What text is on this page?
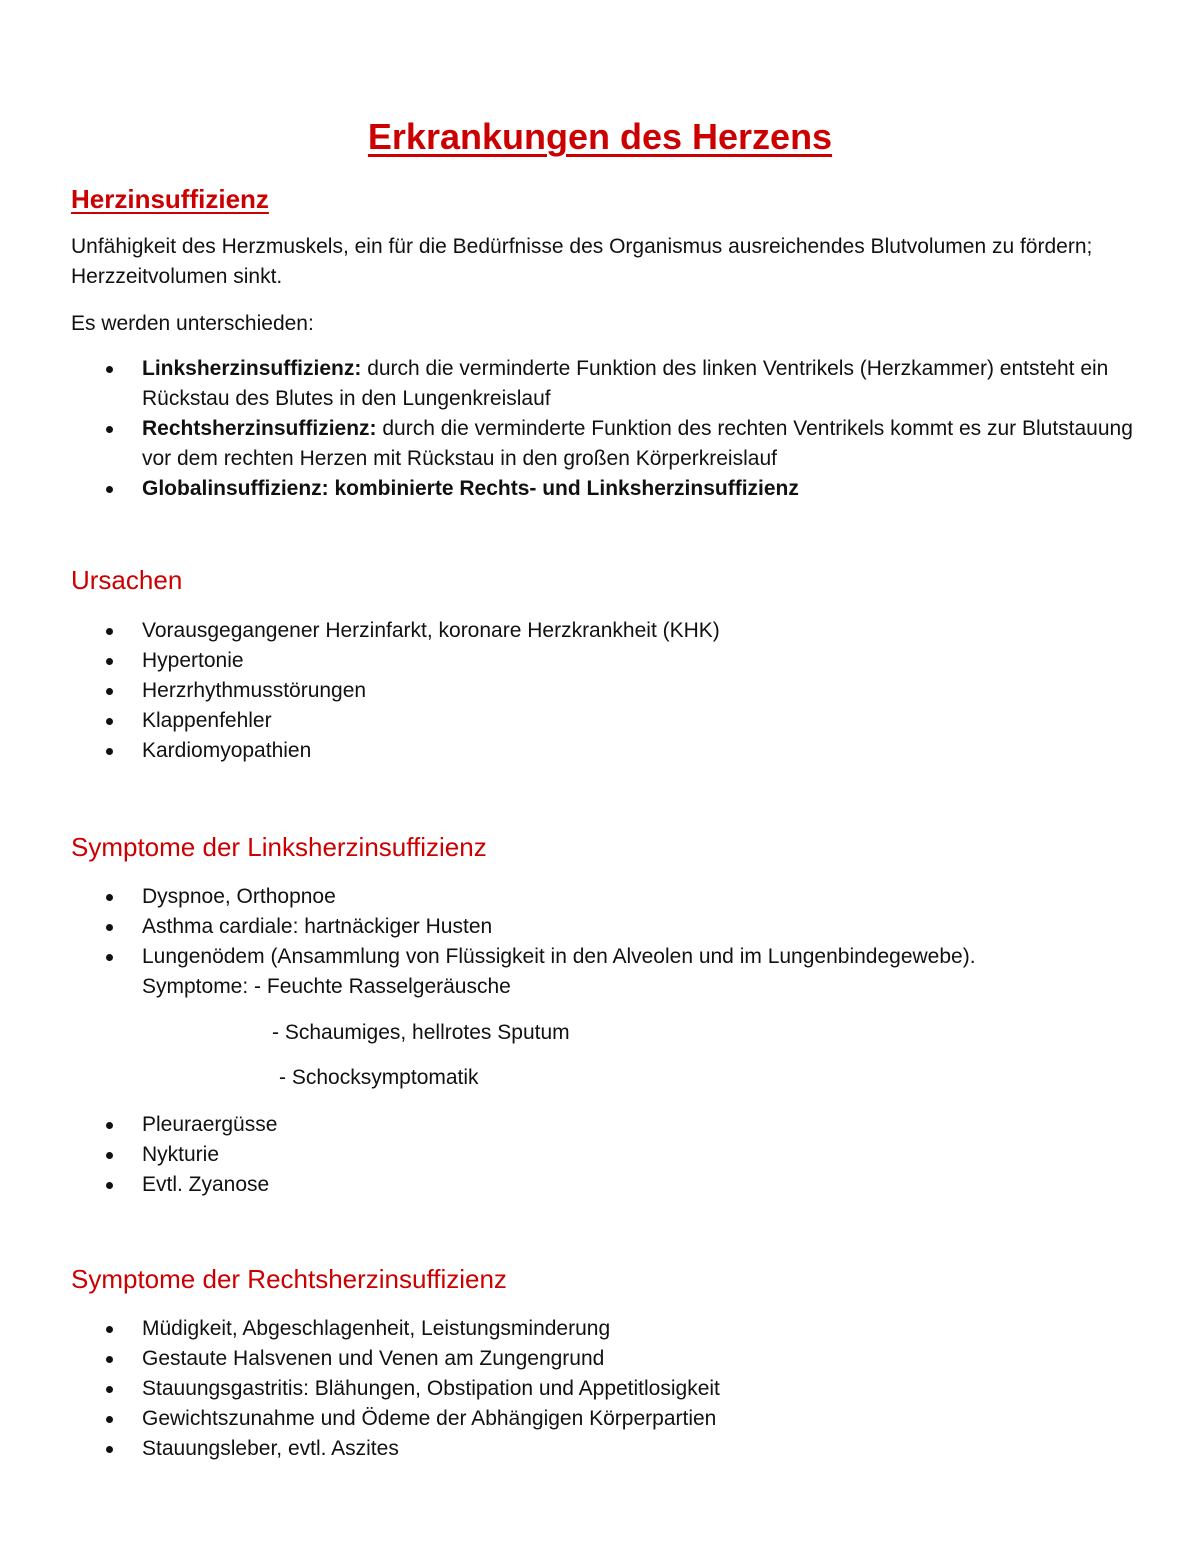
Erkrankungen des Herzens
Herzinsuffizienz

Unfähigkeit des Herzmuskels, ein für die Bedürfnisse des Organismus ausreichendes Blutvolumen zu fördern; Herzzeitvolumen sinkt.

Es werden unterschieden:

Linksherzinsuffizienz: durch die verminderte Funktion des linken Ventrikels (Herzkammer) entsteht ein Rückstau des Blutes in den Lungenkreislauf
Rechtsherzinsuffizienz: durch die verminderte Funktion des rechten Ventrikels kommt es zur Blutstauung vor dem rechten Herzen mit Rückstau in den großen Körperkreislauf
Globalinsuffizienz: kombinierte Rechts- und Linksherzinsuffizienz
Ursachen
Vorausgegangener Herzinfarkt, koronare Herzkrankheit (KHK)
Hypertonie
Herzrhythmusstörungen
Klappenfehler
Kardiomyopathien
Symptome der Linksherzinsuffizienz
Dyspnoe, Orthopnoe
Asthma cardiale: hartnäckiger Husten
Lungenödem (Ansammlung von Flüssigkeit in den Alveolen und im Lungenbindegewebe).
Symptome: - Feuchte Rasselgeräusche

- Schaumiges, hellrotes Sputum

- Schocksymptomatik

Pleuraergüsse
Nykturie
Evtl. Zyanose
Symptome der Rechtsherzinsuffizienz
Müdigkeit, Abgeschlagenheit, Leistungsminderung
Gestaute Halsvenen und Venen am Zungengrund
Stauungsgastritis: Blähungen, Obstipation und Appetitlosigkeit
Gewichtszunahme und Ödeme der Abhängigen Körperpartien
Stauungsleber, evtl. Aszites
